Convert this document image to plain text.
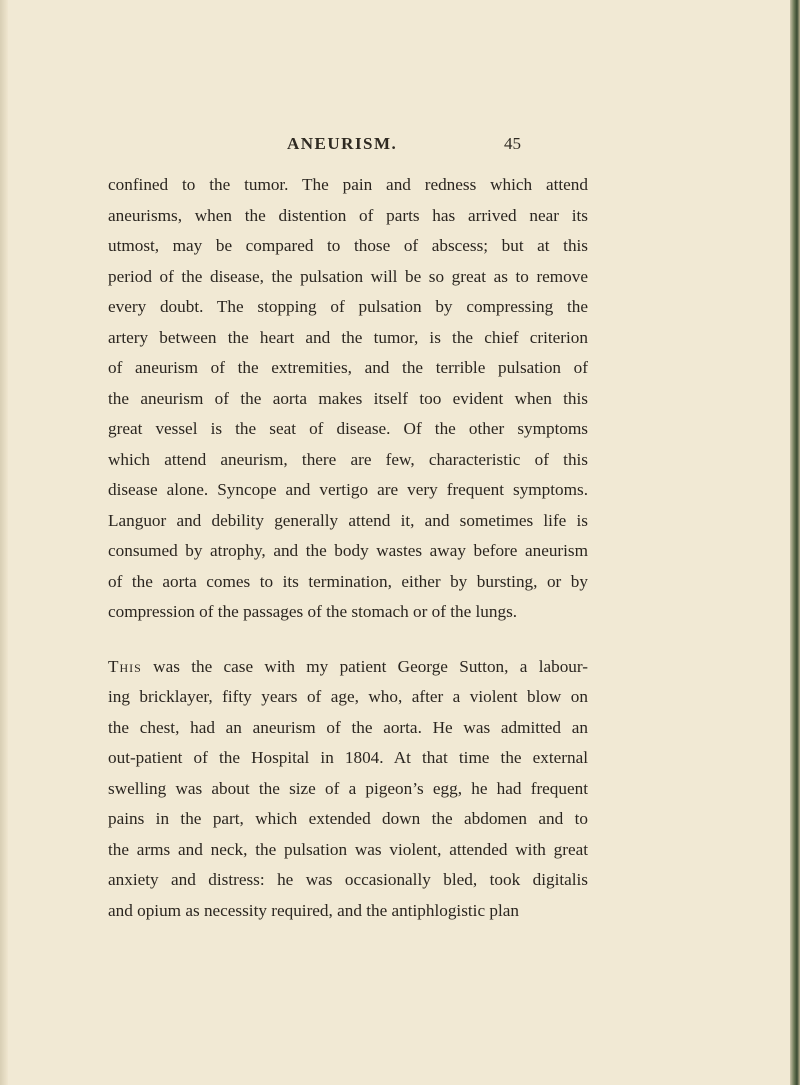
ANEURISM.	45
confined to the tumor. The pain and redness which attend
aneurisms, when the distention of parts has arrived near its
utmost, may be compared to those of abscess; but at this
period of the disease, the pulsation will be so great as to remove
every doubt. The stopping of pulsation by compressing the
artery between the heart and the tumor, is the chief criterion
of aneurism of the extremities, and the terrible pulsation of
the aneurism of the aorta makes itself too evident when this
great vessel is the seat of disease. Of the other symptoms
which attend aneurism, there are few, characteristic of this
disease alone. Syncope and vertigo are very frequent symptoms.
Languor and debility generally attend it, and sometimes life is
consumed by atrophy, and the body wastes away before aneurism
of the aorta comes to its termination, either by bursting, or by
compression of the passages of the stomach or of the lungs.
This was the case with my patient George Sutton, a labour-
ing bricklayer, fifty years of age, who, after a violent blow on
the chest, had an aneurism of the aorta. He was admitted an
out-patient of the Hospital in 1804. At that time the external
swelling was about the size of a pigeon’s egg, he had frequent
pains in the part, which extended down the abdomen and to
the arms and neck, the pulsation was violent, attended with great
anxiety and distress: he was occasionally bled, took digitalis
and opium as necessity required, and the antiphlogistic plan
